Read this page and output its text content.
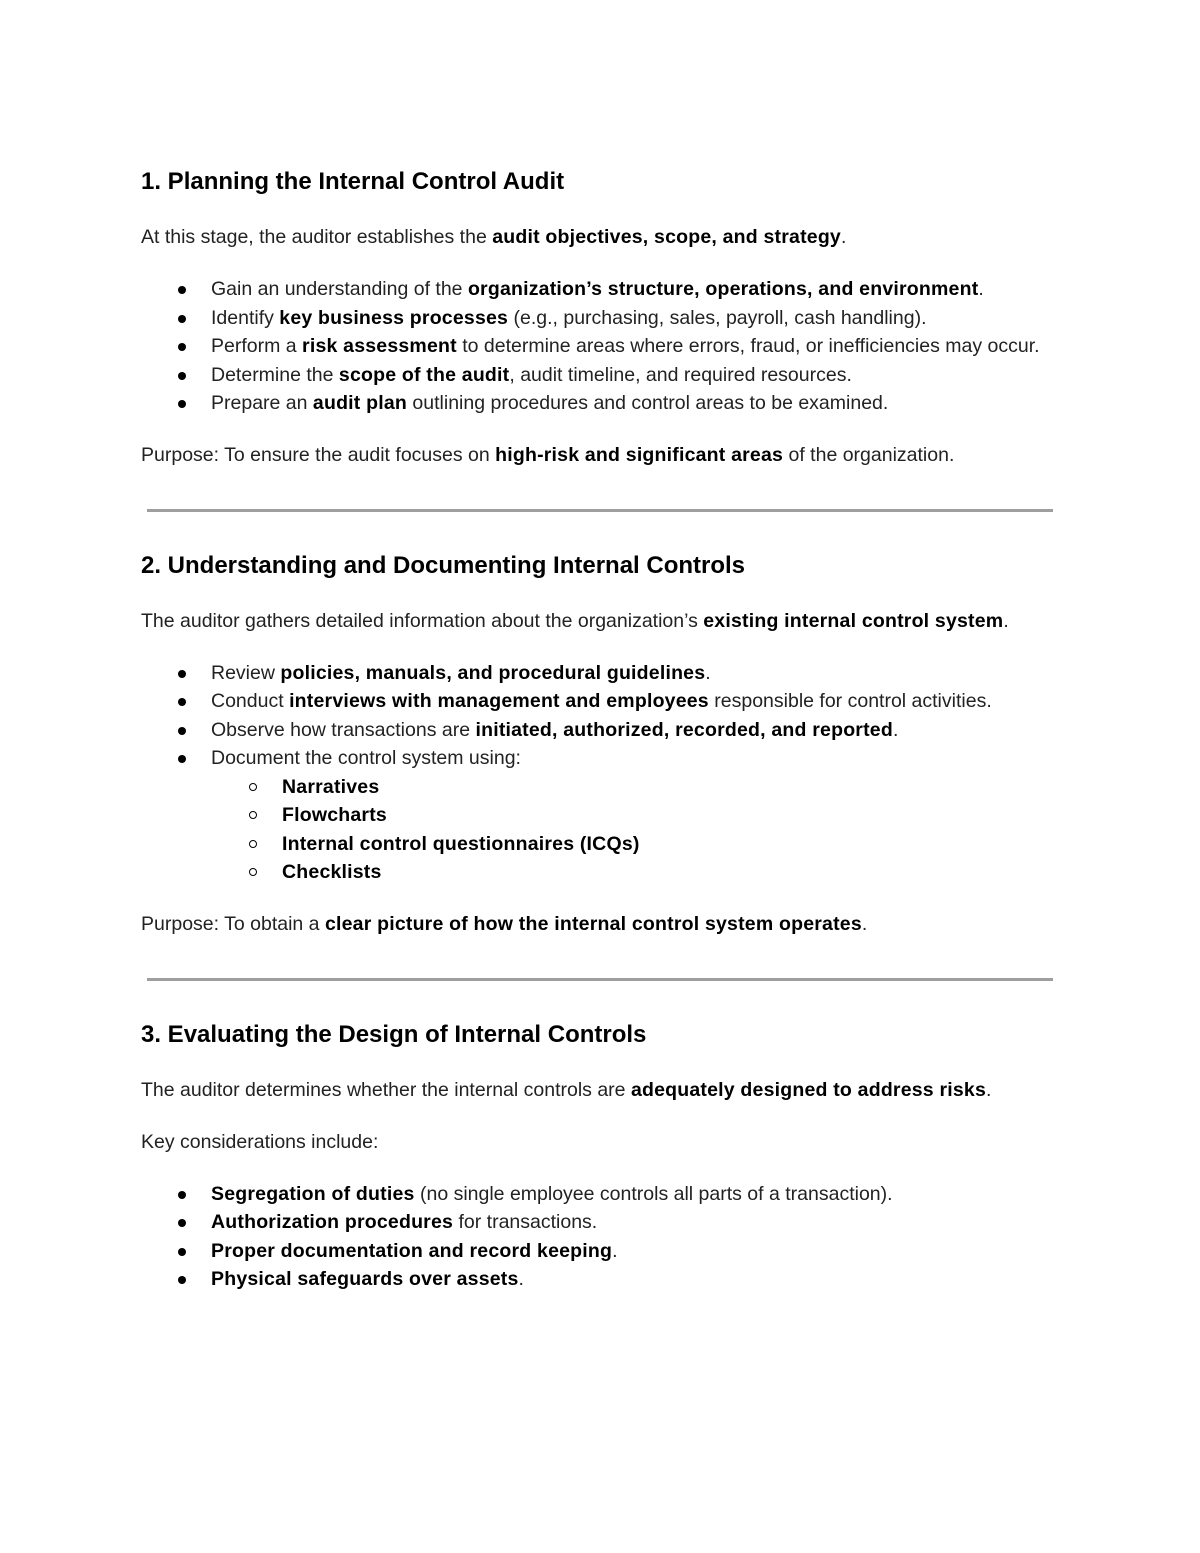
1. Planning the Internal Control Audit

At this stage, the auditor establishes the audit objectives, scope, and strategy.

Gain an understanding of the organization’s structure, operations, and environment.
Identify key business processes (e.g., purchasing, sales, payroll, cash handling).
Perform a risk assessment to determine areas where errors, fraud, or inefficiencies may occur.
Determine the scope of the audit, audit timeline, and required resources.
Prepare an audit plan outlining procedures and control areas to be examined.

Purpose: To ensure the audit focuses on high-risk and significant areas of the organization.

2. Understanding and Documenting Internal Controls

The auditor gathers detailed information about the organization’s existing internal control system.

Review policies, manuals, and procedural guidelines.
Conduct interviews with management and employees responsible for control activities.
Observe how transactions are initiated, authorized, recorded, and reported.
Document the control system using:
Narratives
Flowcharts
Internal control questionnaires (ICQs)
Checklists

Purpose: To obtain a clear picture of how the internal control system operates.

3. Evaluating the Design of Internal Controls

The auditor determines whether the internal controls are adequately designed to address risks.

Key considerations include:

Segregation of duties (no single employee controls all parts of a transaction).
Authorization procedures for transactions.
Proper documentation and record keeping.
Physical safeguards over assets.
